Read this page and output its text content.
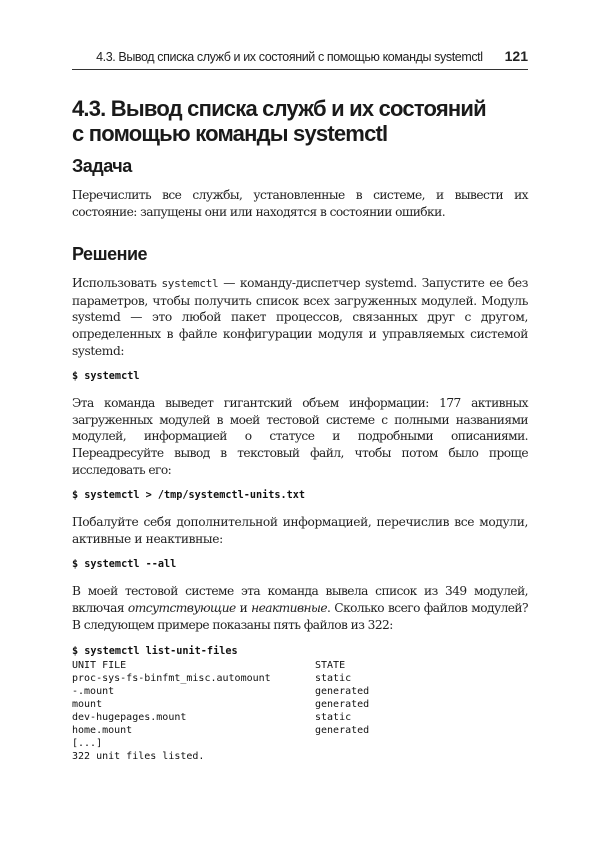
4.3. Вывод списка служб и их состояний с помощью команды systemctl 121
4.3. Вывод списка служб и их состояний
с помощью команды systemctl
Задача

Перечислить все службы, установленные в системе, и вывести их состояние: запущены они или находятся в состоянии ошибки.

Решение

Использовать systemctl — команду-диспетчер systemd. Запустите ее без параметров, чтобы получить список всех загруженных модулей. Модуль systemd — это любой пакет процессов, связанных друг с другом, определенных в файле конфигурации модуля и управляемых системой systemd:

$ systemctl

Эта команда выведет гигантский объем информации: 177 активных загруженных модулей в моей тестовой системе с полными названиями модулей, информацией о статусе и подробными описаниями. Переадресуйте вывод в текстовый файл, чтобы потом было проще исследовать его:

$ systemctl > /tmp/systemctl-units.txt

Побалуйте себя дополнительной информацией, перечислив все модули, активные и неактивные:

$ systemctl --all

В моей тестовой системе эта команда вывела список из 349 модулей, включая отсутствующие и неактивные. Сколько всего файлов модулей? В следующем примере показаны пять файлов из 322:

$ systemctl list-unit-files
UNIT FILE	STATE
proc-sys-fs-binfmt_misc.automount	static
-.mount	generated
mount	generated
dev-hugepages.mount	static
home.mount	generated
[...]
322 unit files listed.
